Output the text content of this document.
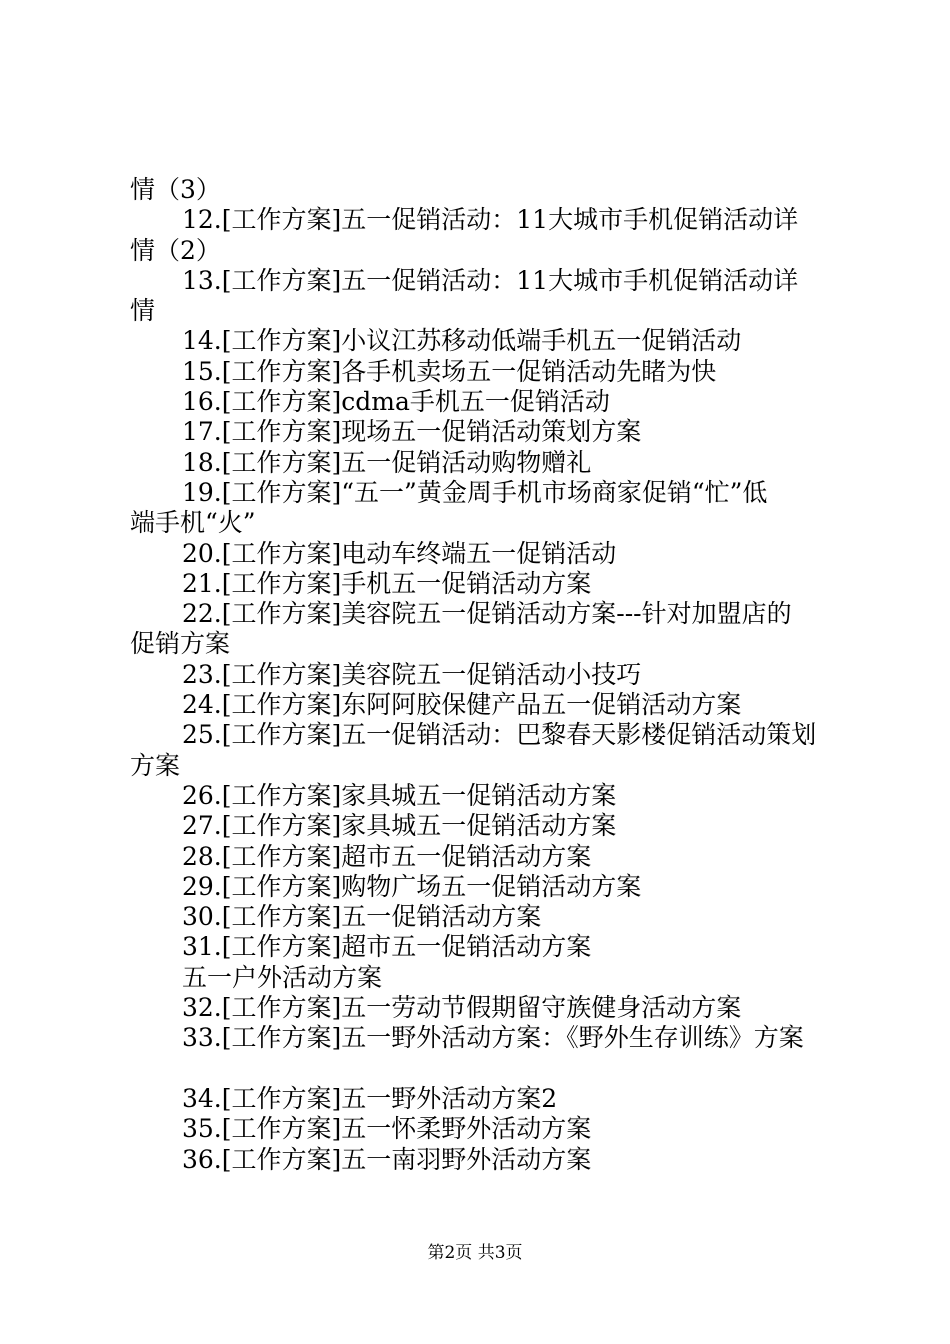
情（3）
12.[工作方案]五一促销活动：11大城市手机促销活动详
情（2）
13.[工作方案]五一促销活动：11大城市手机促销活动详
情
14.[工作方案]小议江苏移动低端手机五一促销活动
15.[工作方案]各手机卖场五一促销活动先睹为快
16.[工作方案]cdma手机五一促销活动
17.[工作方案]现场五一促销活动策划方案
18.[工作方案]五一促销活动购物赠礼
19.[工作方案]“五一”黄金周手机市场商家促销“忙”低
端手机“火”
20.[工作方案]电动车终端五一促销活动
21.[工作方案]手机五一促销活动方案
22.[工作方案]美容院五一促销活动方案---针对加盟店的
促销方案
23.[工作方案]美容院五一促销活动小技巧
24.[工作方案]东阿阿胶保健产品五一促销活动方案
25.[工作方案]五一促销活动：巴黎春天影楼促销活动策划
方案
26.[工作方案]家具城五一促销活动方案
27.[工作方案]家具城五一促销活动方案
28.[工作方案]超市五一促销活动方案
29.[工作方案]购物广场五一促销活动方案
30.[工作方案]五一促销活动方案
31.[工作方案]超市五一促销活动方案
五一户外活动方案
32.[工作方案]五一劳动节假期留守族健身活动方案
33.[工作方案]五一野外活动方案：《野外生存训练》方案
34.[工作方案]五一野外活动方案2
35.[工作方案]五一怀柔野外活动方案
36.[工作方案]五一南羽野外活动方案
第2页 共3页
